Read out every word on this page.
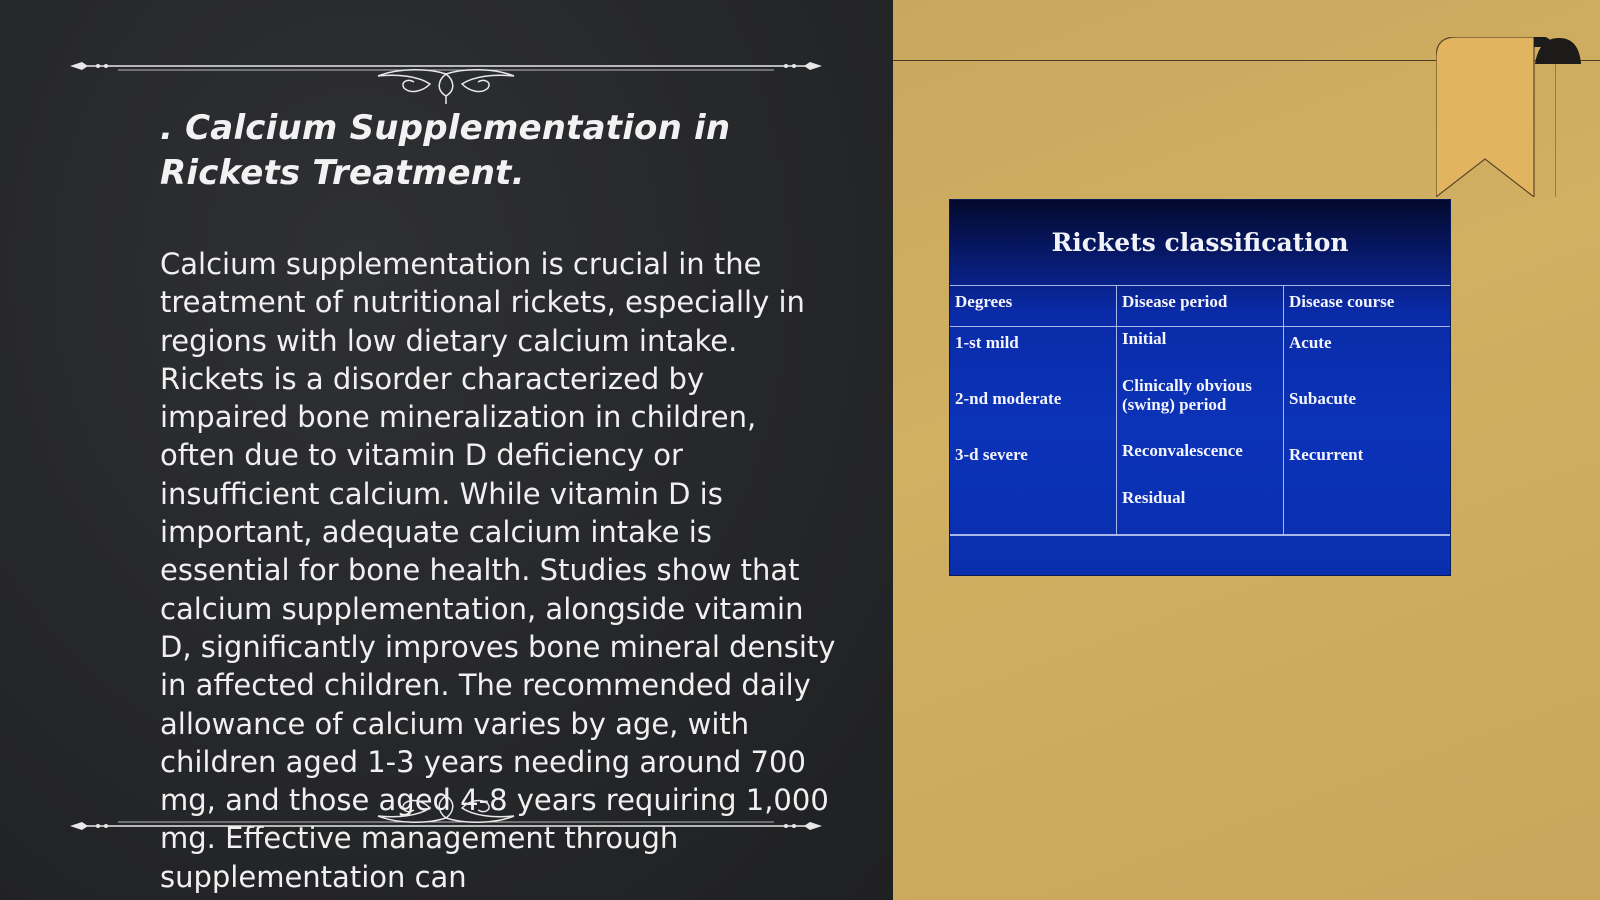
. Calcium Supplementation in Rickets Treatment.

Calcium supplementation is crucial in the treatment of nutritional rickets, especially in regions with low dietary calcium intake. Rickets is a disorder characterized by impaired bone mineralization in children, often due to vitamin D deficiency or insufficient calcium. While vitamin D is important, adequate calcium intake is essential for bone health. Studies show that calcium supplementation, alongside vitamin D, significantly improves bone mineral density in affected children. The recommended daily allowance of calcium varies by age, with children aged 1-3 years needing around 700 mg, and those aged 4-8 years requiring 1,000 mg. Effective management through supplementation can

Rickets classification
Degrees	Disease period	Disease course
1-st mild
2-nd moderate
3-d severe
Initial
Clinically obvious (swing) period
Reconvalescence
Residual
Acute
Subacute
Recurrent
